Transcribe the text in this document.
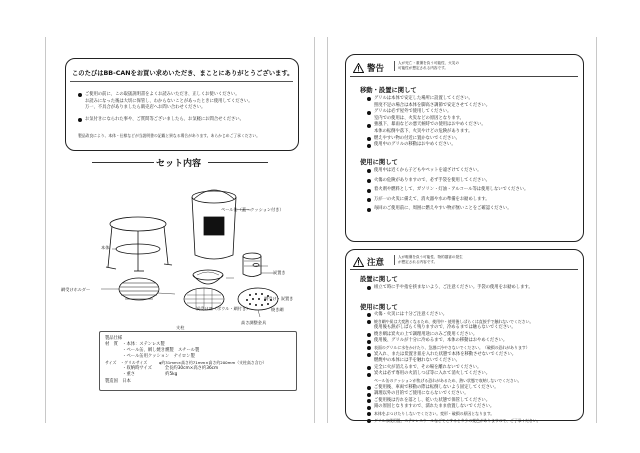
このたびはBB-CANをお買い求めいただき、まことにありがとうございます。
ご使用の前に、この取扱説明書をよくお読みいただき、正しくお使いください。
お読みになった後は大切に保管し、わからないことがあったときに使用してください。
万一、不具合がありましたら販売店へお問い合わせください。
お気付きになられた事や、ご質問等ございましたら、お気軽にお問合せください。
製品改良により、本体・仕様などが当説明書の記載と異なる場合があります。あらかじめご了承ください。
セット内容
ペール缶（蓋・クッション付き）
本体
炭受け皿（ボウル・網付き）
炭置き
網受け・炭置き
網受けホルダー
焼き網
支柱
高さ調整金具
製品仕様
材　質　・本体：ステンレス製
　　　　・ペール缶、網し焼き燻製　スチール製
　　　　・ペール缶用クッション　ナイロン製
サイズ　・グリルサイズ　　　φ約31mm×高さ約71mm×高さ約200mm（支柱高さ含む）
　　　　・収納時サイズ　　　全長約30cm×高さ約36cm
　　　　・重さ　　　　　　　約5kg
製造国　日本
警告
人が死亡・重傷を負う可能性、火災の
可能性が想定される内容です。
移動・設置に関して
グリルは本体で安定した場所に設置してください。
照度不足の場合は本体を脚高さ調節で安定させてください。
グリルは必ず屋外で使用してください。
室内での使用は、火災などの原因となります。
強風下、暴雨などの悪天候時での使用はおやめください。
本体の転倒や落下、火災やけどの危険があります。
燃えやすい物の付近に置かないでください。
使用中のグリルの移動はおやめください。
使用に関して
使用中は近くから子どもやペットを遠ざけてください。
火傷の危険がありますので、必ず手袋を使用してください。
着火剤や燃料として、ガソリン・灯油・アルコール等は使用しないでください。
万が一の火災に備えて、消火器や水の準備をお勧めします。
毎回のご使用前に、周囲に燃えやすい物が無いことをご確認ください。
注意
人が軽傷を負う可能性、物的損害の発生
が想定される内容です。
設置に関して
組立て時に手や指を挟まないよう、ご注意ください。手袋の使用をお勧めします。
使用に関して
火傷・火災には十分ご注意ください。
焼き網や炭は大変熱くなるため、使用中・使用後しばらくは直接手で触れないでください。
使用後も熱がしばらく残りますので、冷めるまでは触らないでください。
焼き網は炭火の上で調理用途にのみご使用ください。
使用後、グリルが十分に冷めるまで、本体の移動はおやめください。
表面のグリルに水をかけたり、急激に冷やさないでください。（破損の恐れがあります）
炭入れ、または炭置き皿を入れた状態で本体を移動させないでください。
燃焼中の本体には手を触れないでください。
完全に火が消えるまで、その場を離れないでください。
炭火は必ず専用の火消しつぼ等に入れて消火してください。
ペール缶のクッションが焦げる恐れがあるため、熱い状態で収納しないでください。
ご使用後、車両で移動の際は転倒しないよう固定してください。
調理以外の目的でご使用にならないでください。
ご使用後は汚れを落とし、乾いた状態で保管してください。
錆の原因となりますので、濡れたまま放置しないでください。
本体をぶつけたりしないでください。変形・破損の原因となります。
グリルは使用後、ステンレスウールなどでこすると多少の変色がありますので、ご了承ください。
